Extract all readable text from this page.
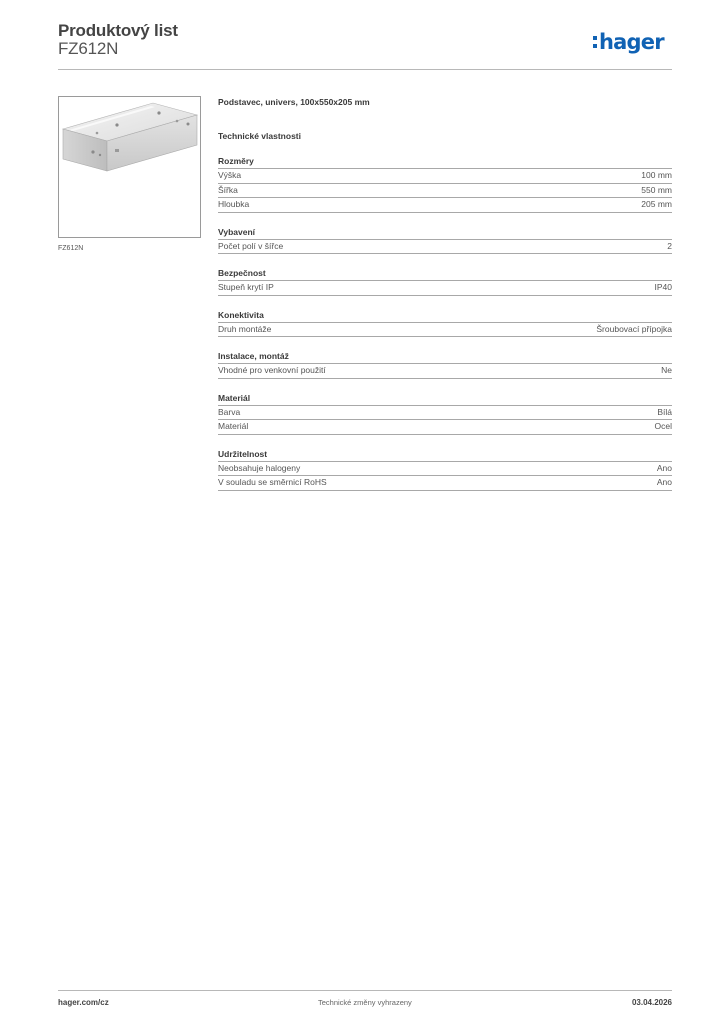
Produktový list
FZ612N	hager
FZ612N
Podstavec, univers, 100x550x205 mm
Technické vlastnosti
Rozměry
Výška	100 mm
Šířka	550 mm
Hloubka	205 mm
Vybavení
Počet polí v šířce	2
Bezpečnost
Stupeň krytí IP	IP40
Konektivita
Druh montáže	Šroubovací přípojka
Instalace, montáž
Vhodné pro venkovní použití	Ne
Materiál
Barva	Bílá
Materiál	Ocel
Udržitelnost
Neobsahuje halogeny	Ano
V souladu se směrnicí RoHS	Ano
hager.com/cz	Technické změny vyhrazeny	03.04.2026
